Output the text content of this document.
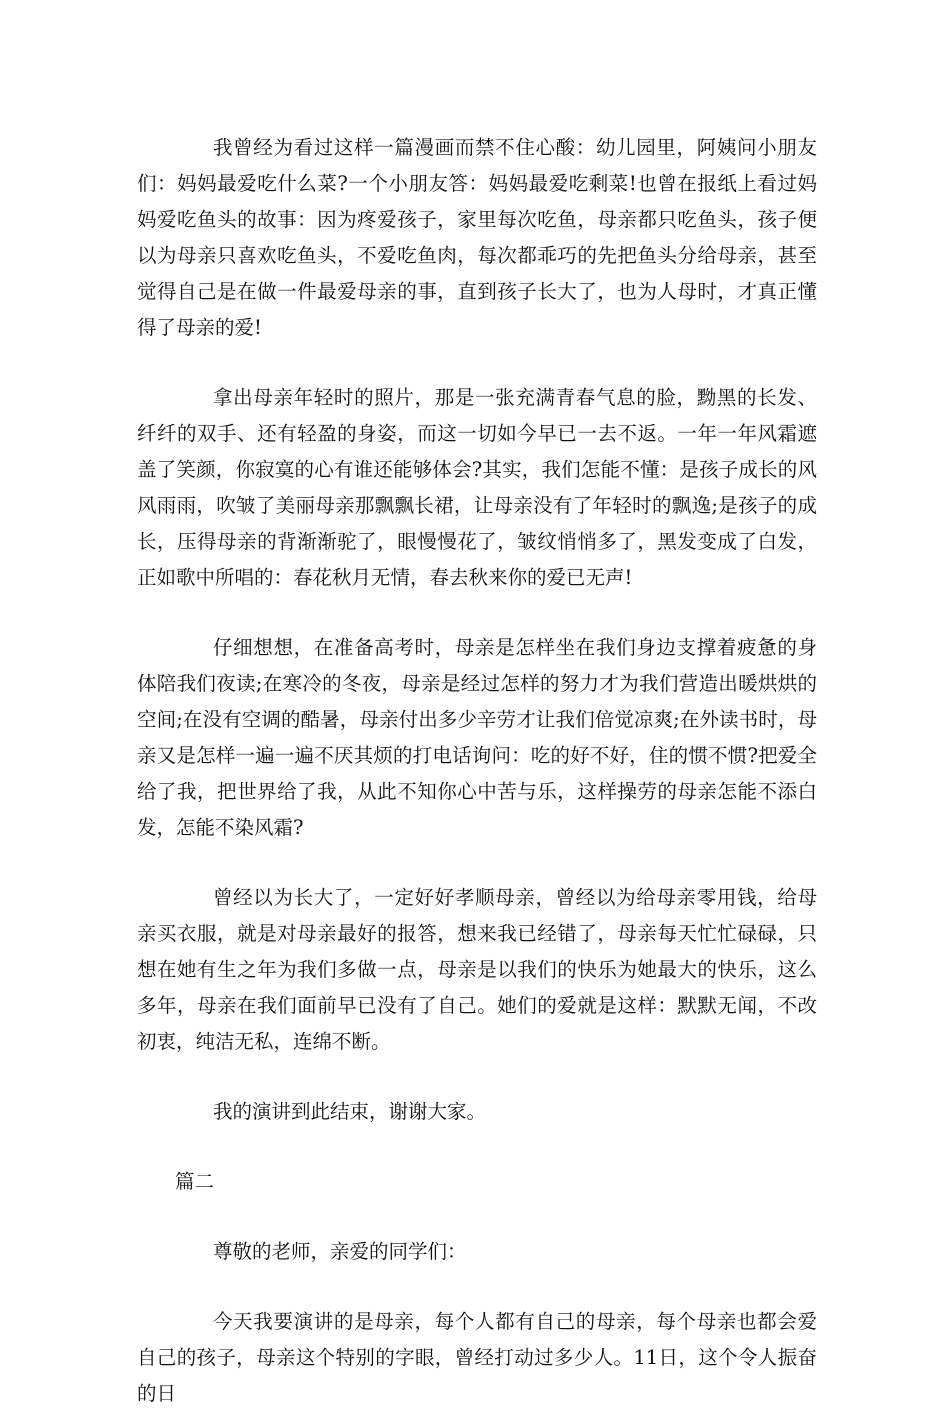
我曾经为看过这样一篇漫画而禁不住心酸：幼儿园里，阿姨问小朋友们：妈妈最爱吃什么菜?一个小朋友答：妈妈最爱吃剩菜!也曾在报纸上看过妈妈爱吃鱼头的故事：因为疼爱孩子，家里每次吃鱼，母亲都只吃鱼头，孩子便以为母亲只喜欢吃鱼头，不爱吃鱼肉，每次都乖巧的先把鱼头分给母亲，甚至觉得自己是在做一件最爱母亲的事，直到孩子长大了，也为人母时，才真正懂得了母亲的爱!

拿出母亲年轻时的照片，那是一张充满青春气息的脸，黝黑的长发、纤纤的双手、还有轻盈的身姿，而这一切如今早已一去不返。一年一年风霜遮盖了笑颜，你寂寞的心有谁还能够体会?其实，我们怎能不懂：是孩子成长的风风雨雨，吹皱了美丽母亲那飘飘长裙，让母亲没有了年轻时的飘逸;是孩子的成长，压得母亲的背渐渐驼了，眼慢慢花了，皱纹悄悄多了，黑发变成了白发，正如歌中所唱的：春花秋月无情，春去秋来你的爱已无声!

仔细想想，在准备高考时，母亲是怎样坐在我们身边支撑着疲惫的身体陪我们夜读;在寒冷的冬夜，母亲是经过怎样的努力才为我们营造出暖烘烘的空间;在没有空调的酷暑，母亲付出多少辛劳才让我们倍觉凉爽;在外读书时，母亲又是怎样一遍一遍不厌其烦的打电话询问：吃的好不好，住的惯不惯?把爱全给了我，把世界给了我，从此不知你心中苦与乐，这样操劳的母亲怎能不添白发，怎能不染风霜?

曾经以为长大了，一定好好孝顺母亲，曾经以为给母亲零用钱，给母亲买衣服，就是对母亲最好的报答，想来我已经错了，母亲每天忙忙碌碌，只想在她有生之年为我们多做一点，母亲是以我们的快乐为她最大的快乐，这么多年，母亲在我们面前早已没有了自己。她们的爱就是这样：默默无闻，不改初衷，纯洁无私，连绵不断。

我的演讲到此结束，谢谢大家。

篇二

尊敬的老师，亲爱的同学们：

今天我要演讲的是母亲，每个人都有自己的母亲，每个母亲也都会爱自己的孩子，母亲这个特别的字眼，曾经打动过多少人。11日，这个令人振奋的日
